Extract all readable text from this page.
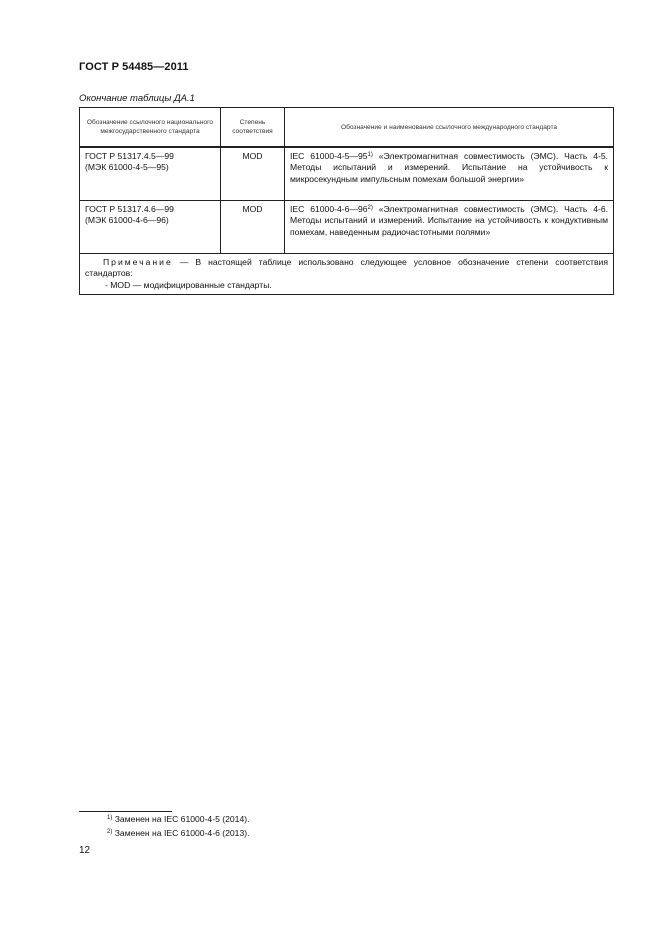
ГОСТ Р 54485—2011
Окончание таблицы ДА.1
Обозначение ссылочного национального межгосударственного стандарта	Степень соответствия	Обозначение и наименование ссылочного международного стандарта

ГОСТ Р 51317.4.5—99
(МЭК 61000-4-5—95)	MOD	IEC 61000-4-5—95$^{1)}$ «Электромагнитная совместимость (ЭМС). Часть 4-5. Методы испытаний и измерений. Испытание на устойчивость к микросекундным импульсным помехам большой энергии»

ГОСТ Р 51317.4.6—99
(МЭК 61000-4-6—96)	MOD	IEC 61000-4-6—96$^{2)}$ «Электромагнитная совместимость (ЭМС). Часть 4-6. Методы испытаний и измерений. Испытание на устойчивость к кондуктивным помехам, наведенным радиочастотными полями»

Примечание — В настоящей таблице использовано следующее условное обозначение степени соответствия стандартов:

- MOD — модифицированные стандарты.		

$^{1)}$ Заменен на IEC 61000-4-5 (2014).
$^{2)}$ Заменен на IEC 61000-4-6 (2013).
12
